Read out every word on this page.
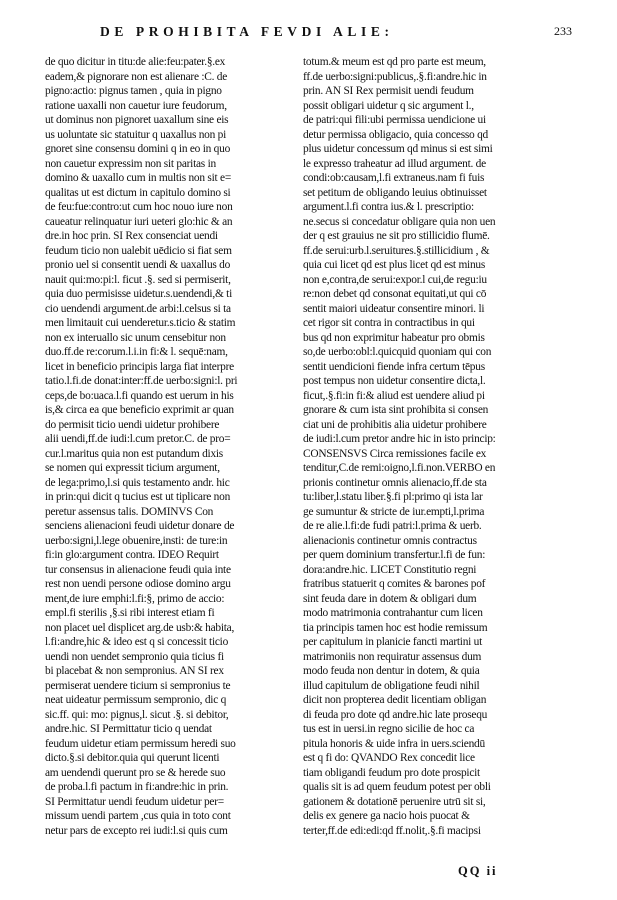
DE PROHIBITA FEVDI ALIE:	233
de quo dicitur in titu:de alie:feu:pater.§.ex
eadem,& pignorare non est alienare :C. de
pigno:actio: pignus tamen , quia in pigno
ratione uaxalli non cauetur iure feudorum,
ut dominus non pignoret uaxallum sine eis
us uoluntate sic statuitur q uaxallus non pi
gnoret sine consensu domini q in eo in quo
non cauetur expressim non sit paritas in
domino & uaxallo cum in multis non sit e=
qualitas ut est dictum in capitulo domino si
de feu:fue:contro:ut cum hoc nouo iure non
caueatur relinquatur iuri ueteri glo:hic & an
dre.in hoc prin. SI Rex consenciat uendi
feudum ticio non ualebit uēdicio si fiat sem
pronio uel si consentit uendi & uaxallus do
nauit qui:mo:pi:l. ficut .§. sed si permiserit,
quia duo permisisse uidetur.s.uendendi,& ti
cio uendendi argument.de arbi:l.celsus si ta
men limitauit cui uenderetur.s.ticio & statim
non ex interuallo sic unum censebitur non
duo.ff.de re:corum.l.i.in fi:& l. sequē:nam,
licet in beneficio principis larga fiat interpre
tatio.l.fi.de donat:inter:ff.de uerbo:signi:l. pri
ceps,de bo:uaca.l.fi quando est uerum in his
is,& circa ea que beneficio exprimit ar quan
do permisit ticio uendi uidetur prohibere
alii uendi,ff.de iudi:l.cum pretor.C. de pro=
cur.l.maritus quia non est putandum dixis
se nomen qui expressit ticium argument,
de lega:primo,l.si quis testamento andr. hic
in prin:qui dicit q tucius est ut tiplicare non
peretur assensus talis. DOMINVS Con
senciens alienacioni feudi uidetur donare de
uerbo:signi,l.lege obuenire,insti: de ture:in
fi:in glo:argument contra. IDEO Requirt
tur consensus in alienacione feudi quia inte
rest non uendi persone odiose domino argu
ment,de iure emphi:l.fi:§, primo de accio:
empl.fi sterilis ,§.si ribi interest etiam fi
non placet uel displicet arg.de usb:& habita,
l.fi:andre,hic & ideo est q si concessit ticio
uendi non uendet sempronio quia ticius fi
bi placebat & non sempronius. AN SI rex
permiserat uendere ticium si sempronius te
neat uideatur permissum sempronio, dic q
sic.ff. qui: mo: pignus,l. sicut .§. si debitor,
andre.hic. SI Permittatur ticio q uendat
feudum uidetur etiam permissum heredi suo
dicto.§.si debitor.quia qui querunt licenti
am uendendi querunt pro se & herede suo
de proba.l.fi pactum in fi:andre:hic in prin.
SI Permittatur uendi feudum uidetur per=
missum uendi partem ,cus quia in toto cont
netur pars de excepto rei iudi:l.si quis cum
totum.& meum est qd pro parte est meum,
ff.de uerbo:signi:publicus,.§.fi:andre.hic in
prin. AN SI Rex permisit uendi feudum
possit obligari uidetur q sic argument l.,
de patri:qui fili:ubi permissa uendicione ui
detur permissa obligacio, quia concesso qd
plus uidetur concessum qd minus si est simi
le expresso traheatur ad illud argument. de
condi:ob:causam,l.fi extraneus.nam fi fuis
set petitum de obligando leuius obtinuisset
argument.l.fi contra ius.& l. prescriptio:
ne.secus si concedatur obligare quia non uen
der q est grauius ne sit pro stillicidio flumē.
ff.de serui:urb.l.seruitures.§.stillicidium , &
quia cui licet qd est plus licet qd est minus
non e,contra,de serui:expor.l cui,de regu:iu
re:non debet qd consonat equitati,ut qui cō
sentit maiori uideatur consentire minori. li
cet rigor sit contra in contractibus in qui
bus qd non exprimitur habeatur pro obmis
so,de uerbo:obl:l.quicquid quoniam qui con
sentit uendicioni fiende infra certum tēpus
post tempus non uidetur consentire dicta,l.
ficut,.§.fi:in fi:& aliud est uendere aliud pi
gnorare & cum ista sint prohibita si consen
ciat uni de prohibitis alia uidetur prohibere
de iudi:l.cum pretor andre hic in isto princip:
CONSENSVS Circa remissiones facile ex
tenditur,C.de remi:oigno,l.fi.non.VERBO en
prionis continetur omnis alienacio,ff.de sta
tu:liber,l.statu liber.§.fi pl:primo qi ista lar
ge sumuntur & stricte de iur.empti,l.prima
de re alie.l.fi:de fudi patri:l.prima & uerb.
alienacionis continetur omnis contractus
per quem dominium transfertur.l.fi de fun:
dora:andre.hic. LICET Constitutio regni
fratribus statuerit q comites & barones pof
sint feuda dare in dotem & obligari dum
modo matrimonia contrahantur cum licen
tia principis tamen hoc est hodie remissum
per capitulum in planicie fancti martini ut
matrimoniis non requiratur assensus dum
modo feuda non dentur in dotem, & quia
illud capitulum de obligatione feudi nihil
dicit non propterea dedit licentiam obligan
di feuda pro dote qd andre.hic late prosequ
tus est in uersi.in regno sicilie de hoc ca
pitula honoris & uide infra in uers.sciendū
est q fi do: QVANDO Rex concedit lice
tiam obligandi feudum pro dote prospicit
qualis sit is ad quem feudum potest per obli
gationem & dotationē peruenire utrū sit si,
delis ex genere ga nacio hois puocat &
terter,ff.de edi:edi:qd ff.nolit,.§.fi macipsi
QQ ii
